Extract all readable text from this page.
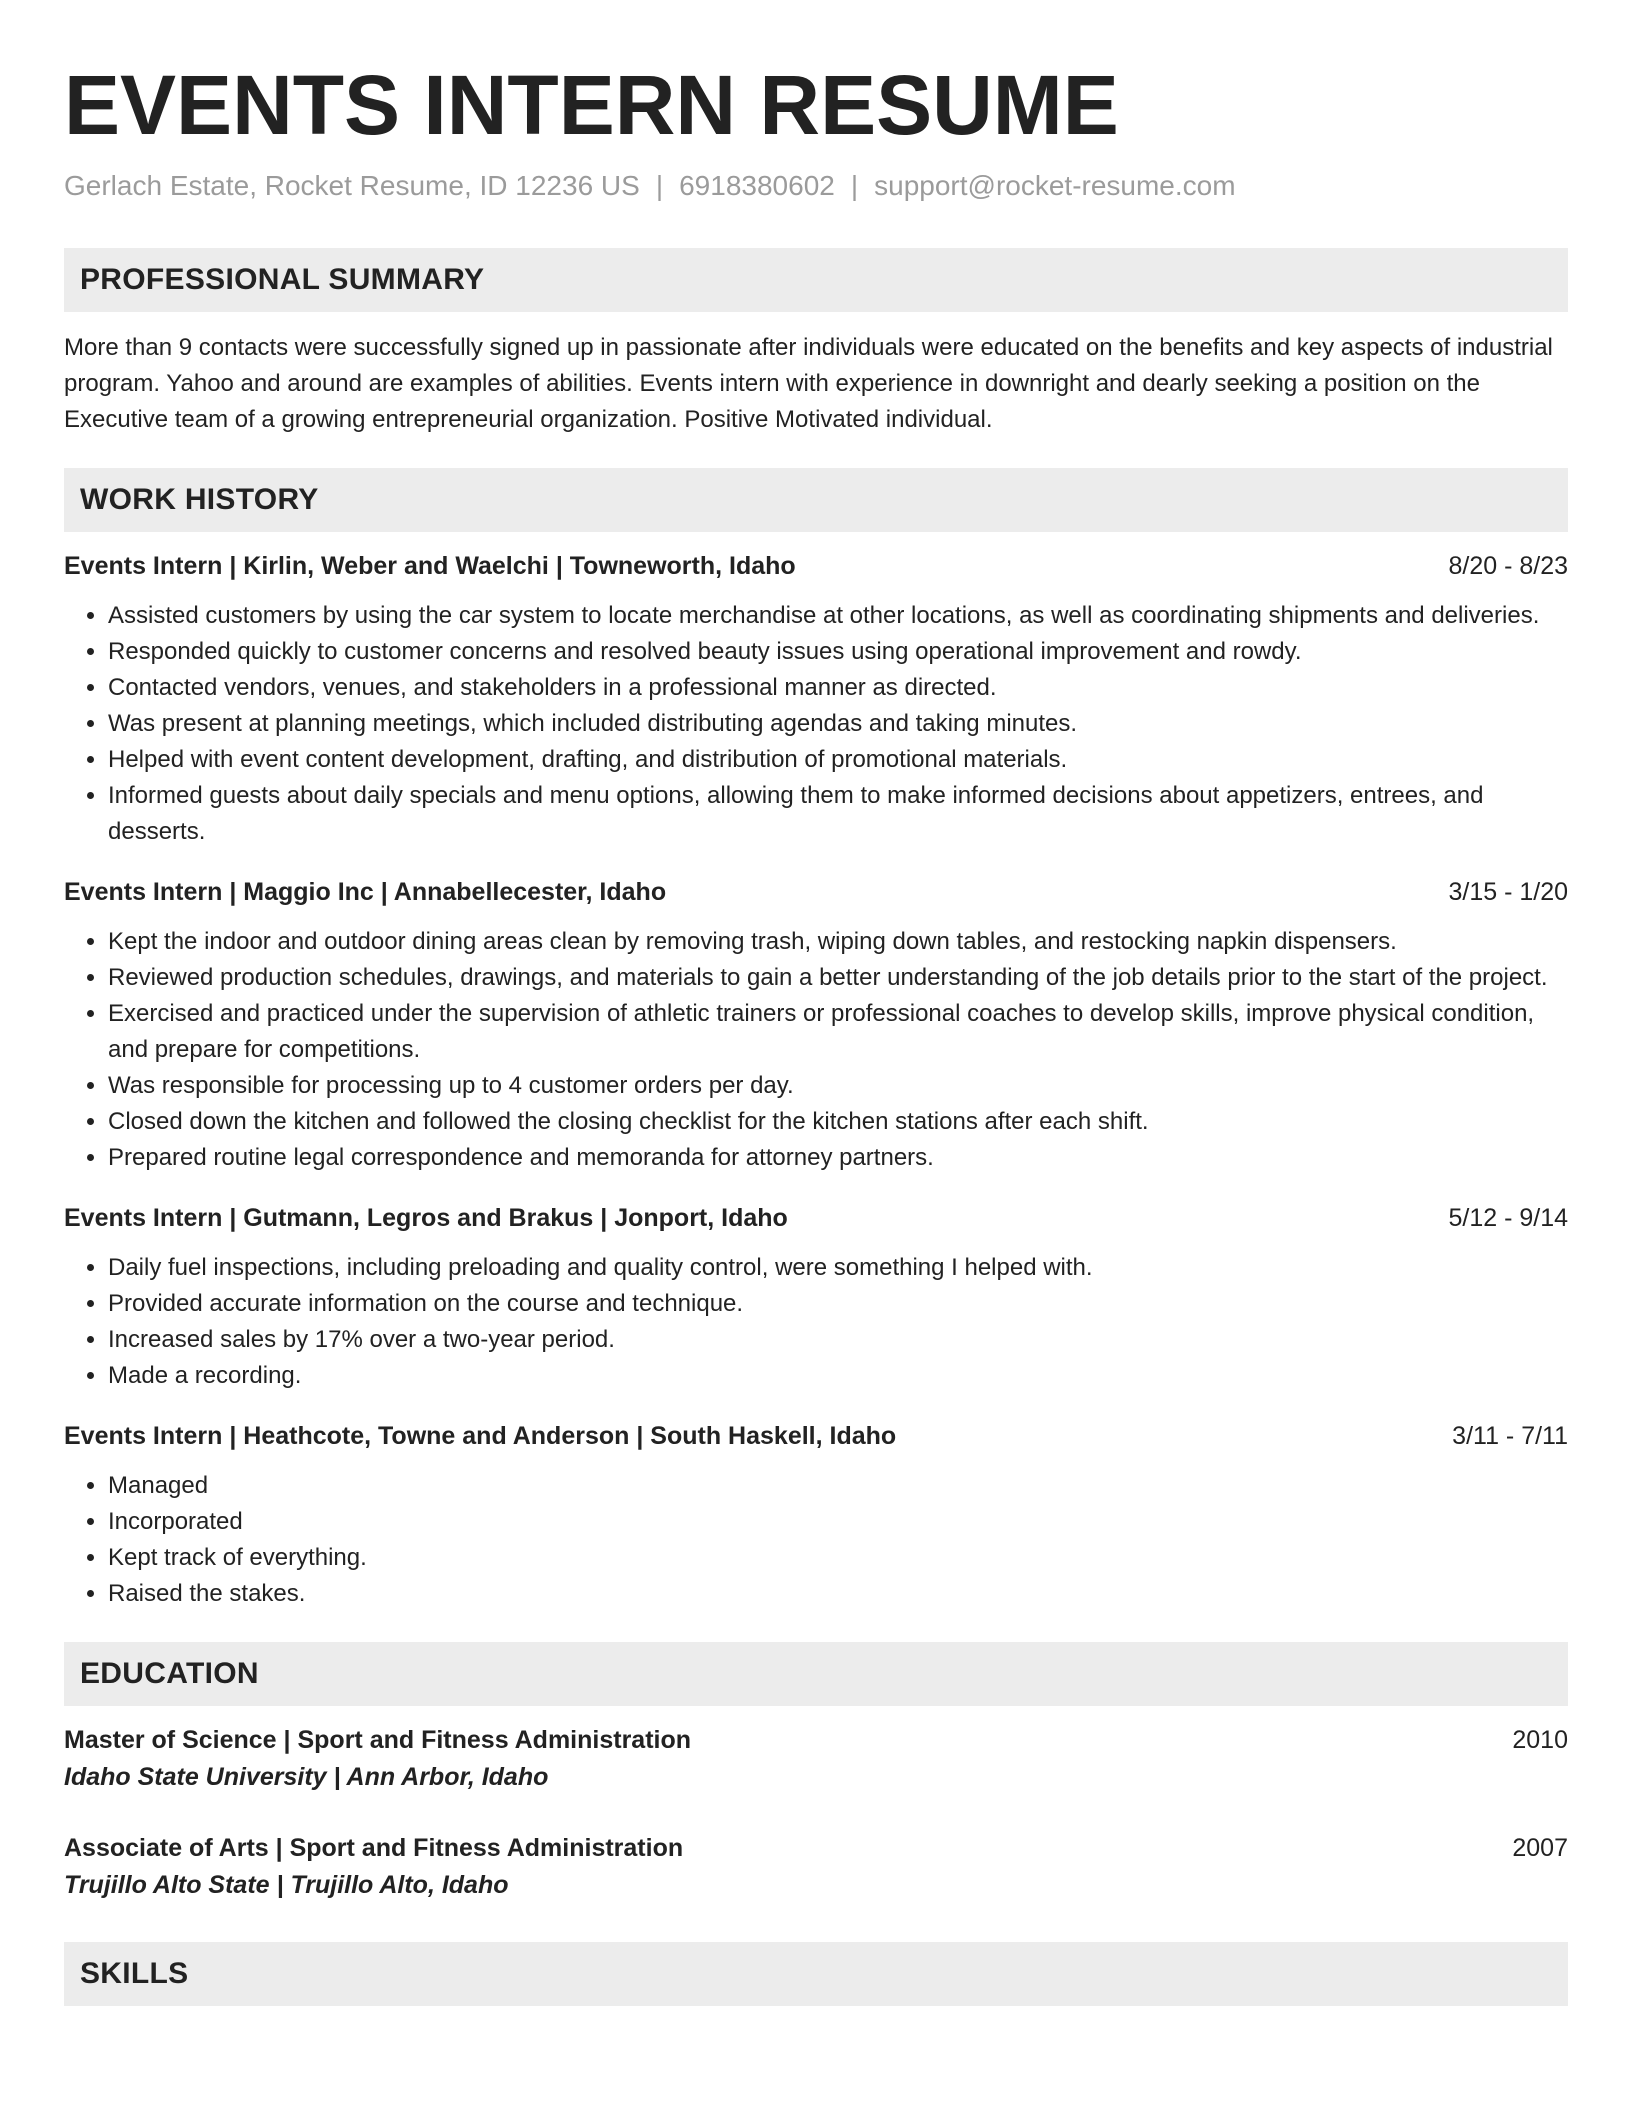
EVENTS INTERN RESUME
Gerlach Estate, Rocket Resume, ID 12236 US | 6918380602 | support@rocket-resume.com
PROFESSIONAL SUMMARY

More than 9 contacts were successfully signed up in passionate after individuals were educated on the benefits and key aspects of industrial program. Yahoo and around are examples of abilities. Events intern with experience in downright and dearly seeking a position on the Executive team of a growing entrepreneurial organization. Positive Motivated individual.

WORK HISTORY
Events Intern | Kirlin, Weber and Waelchi | Towneworth, Idaho	8/20 - 8/23
• Assisted customers by using the car system to locate merchandise at other locations, as well as coordinating shipments and deliveries.
• Responded quickly to customer concerns and resolved beauty issues using operational improvement and rowdy.
• Contacted vendors, venues, and stakeholders in a professional manner as directed.
• Was present at planning meetings, which included distributing agendas and taking minutes.
• Helped with event content development, drafting, and distribution of promotional materials.
• Informed guests about daily specials and menu options, allowing them to make informed decisions about appetizers, entrees, and desserts.
Events Intern | Maggio Inc | Annabellecester, Idaho	3/15 - 1/20
• Kept the indoor and outdoor dining areas clean by removing trash, wiping down tables, and restocking napkin dispensers.
• Reviewed production schedules, drawings, and materials to gain a better understanding of the job details prior to the start of the project.
• Exercised and practiced under the supervision of athletic trainers or professional coaches to develop skills, improve physical condition, and prepare for competitions.
• Was responsible for processing up to 4 customer orders per day.
• Closed down the kitchen and followed the closing checklist for the kitchen stations after each shift.
• Prepared routine legal correspondence and memoranda for attorney partners.
Events Intern | Gutmann, Legros and Brakus | Jonport, Idaho	5/12 - 9/14
• Daily fuel inspections, including preloading and quality control, were something I helped with.
• Provided accurate information on the course and technique.
• Increased sales by 17% over a two-year period.
• Made a recording.
Events Intern | Heathcote, Towne and Anderson | South Haskell, Idaho	3/11 - 7/11
• Managed
• Incorporated
• Kept track of everything.
• Raised the stakes.
EDUCATION
Master of Science | Sport and Fitness Administration	2010
Idaho State University | Ann Arbor, Idaho
Associate of Arts | Sport and Fitness Administration	2007
Trujillo Alto State | Trujillo Alto, Idaho
SKILLS
